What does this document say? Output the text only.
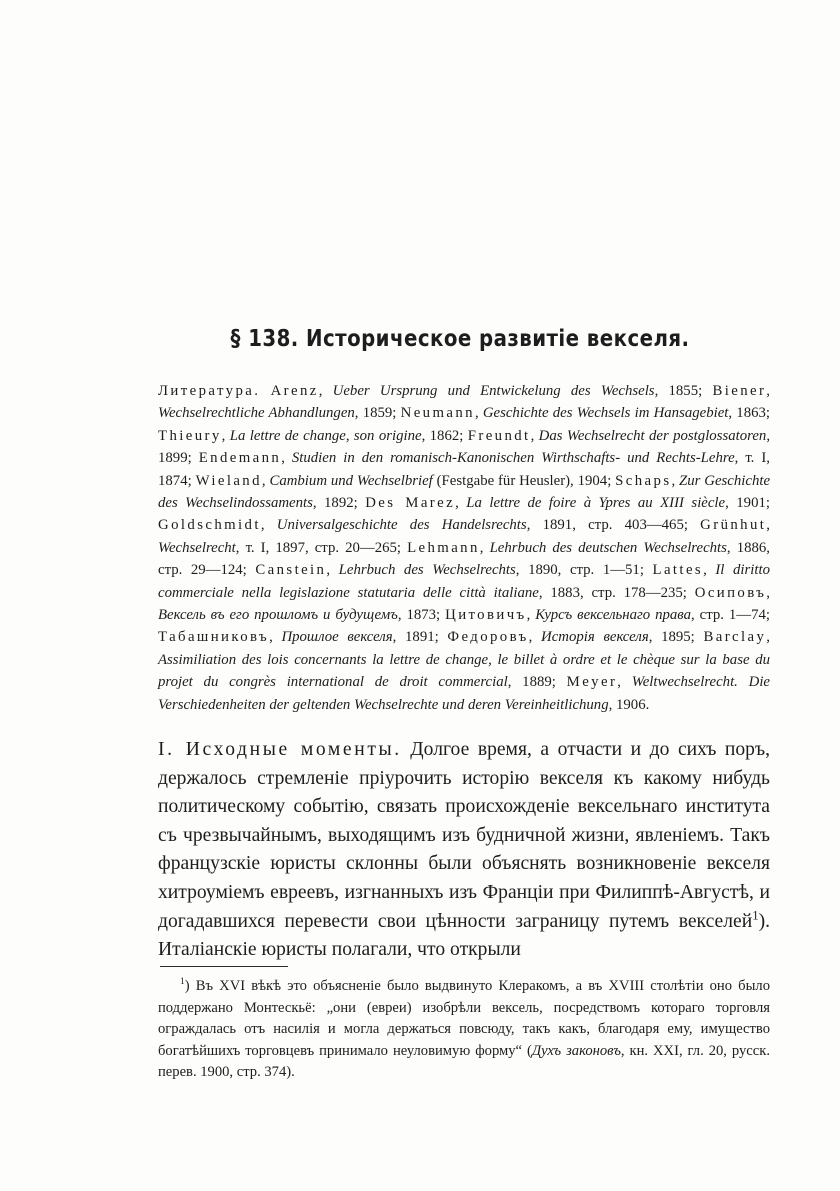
§ 138. Историческое развитіе векселя.

Литература. Arenz, Ueber Ursprung und Entwickelung des Wechsels, 1855; Biener, Wechselrechtliche Abhandlungen, 1859; Neumann, Geschichte des Wechsels im Hansagebiet, 1863; Thieury, La lettre de change, son origine, 1862; Freundt, Das Wechselrecht der postglossatoren, 1899; Endemann, Studien in den romanisch-Kanonischen Wirthschafts- und Rechts-Lehre, т. I, 1874; Wieland, Cambium und Wechselbrief (Festgabe für Heusler), 1904; Schaps, Zur Geschichte des Wechselindossaments, 1892; Des Marez, La lettre de foire à Ypres au XIII siècle, 1901; Goldschmidt, Universalgeschichte des Handelsrechts, 1891, стр. 403—465; Grünhut, Wechselrecht, т. I, 1897, стр. 20—265; Lehmann, Lehrbuch des deutschen Wechselrechts, 1886, стр. 29—124; Canstein, Lehrbuch des Wechselrechts, 1890, стр. 1—51; Lattes, Il diritto commerciale nella legislazione statutaria delle città italiane, 1883, стр. 178—235; Осиповъ, Вексель въ его прошломъ и будущемъ, 1873; Цитовичъ, Курсъ вексельнаго права, стр. 1—74; Табашниковъ, Прошлое векселя, 1891; Федоровъ, Исторія векселя, 1895; Barclay, Assimiliation des lois concernants la lettre de change, le billet à ordre et le chèque sur la base du projet du congrès international de droit commercial, 1889; Meyer, Weltwechselrecht. Die Verschiedenheiten der geltenden Wechselrechte und deren Vereinheitlichung, 1906.

I. Исходные моменты. Долгое время, а отчасти и до сихъ поръ, держалось стремленіе пріурочить исторію векселя къ какому нибудь политическому событію, связать происхожденіе вексельнаго института съ чрезвычайнымъ, выходящимъ изъ будничной жизни, явленіемъ. Такъ французскіе юристы склонны были объяснять возникновеніе векселя хитроуміемъ евреевъ, изгнанныхъ изъ Франціи при Филиппѣ-Августѣ, и догадавшихся перевести свои цѣнности заграницу путемъ векселей$^1$). Италіанскіе юристы полагали, что открыли

$^1$) Въ XVI вѣкѣ это объясненіе было выдвинуто Клеракомъ, а въ XVIII столѣтіи оно было поддержано Монтескьё: „они (евреи) изобрѣли вексель, посредствомъ котораго торговля ограждалась отъ насилія и могла держаться повсюду, такъ какъ, благодаря ему, имущество богатѣйшихъ торговцевъ принимало неуловимую форму“ (Духъ законовъ, кн. XXI, гл. 20, русск. перев. 1900, стр. 374).
